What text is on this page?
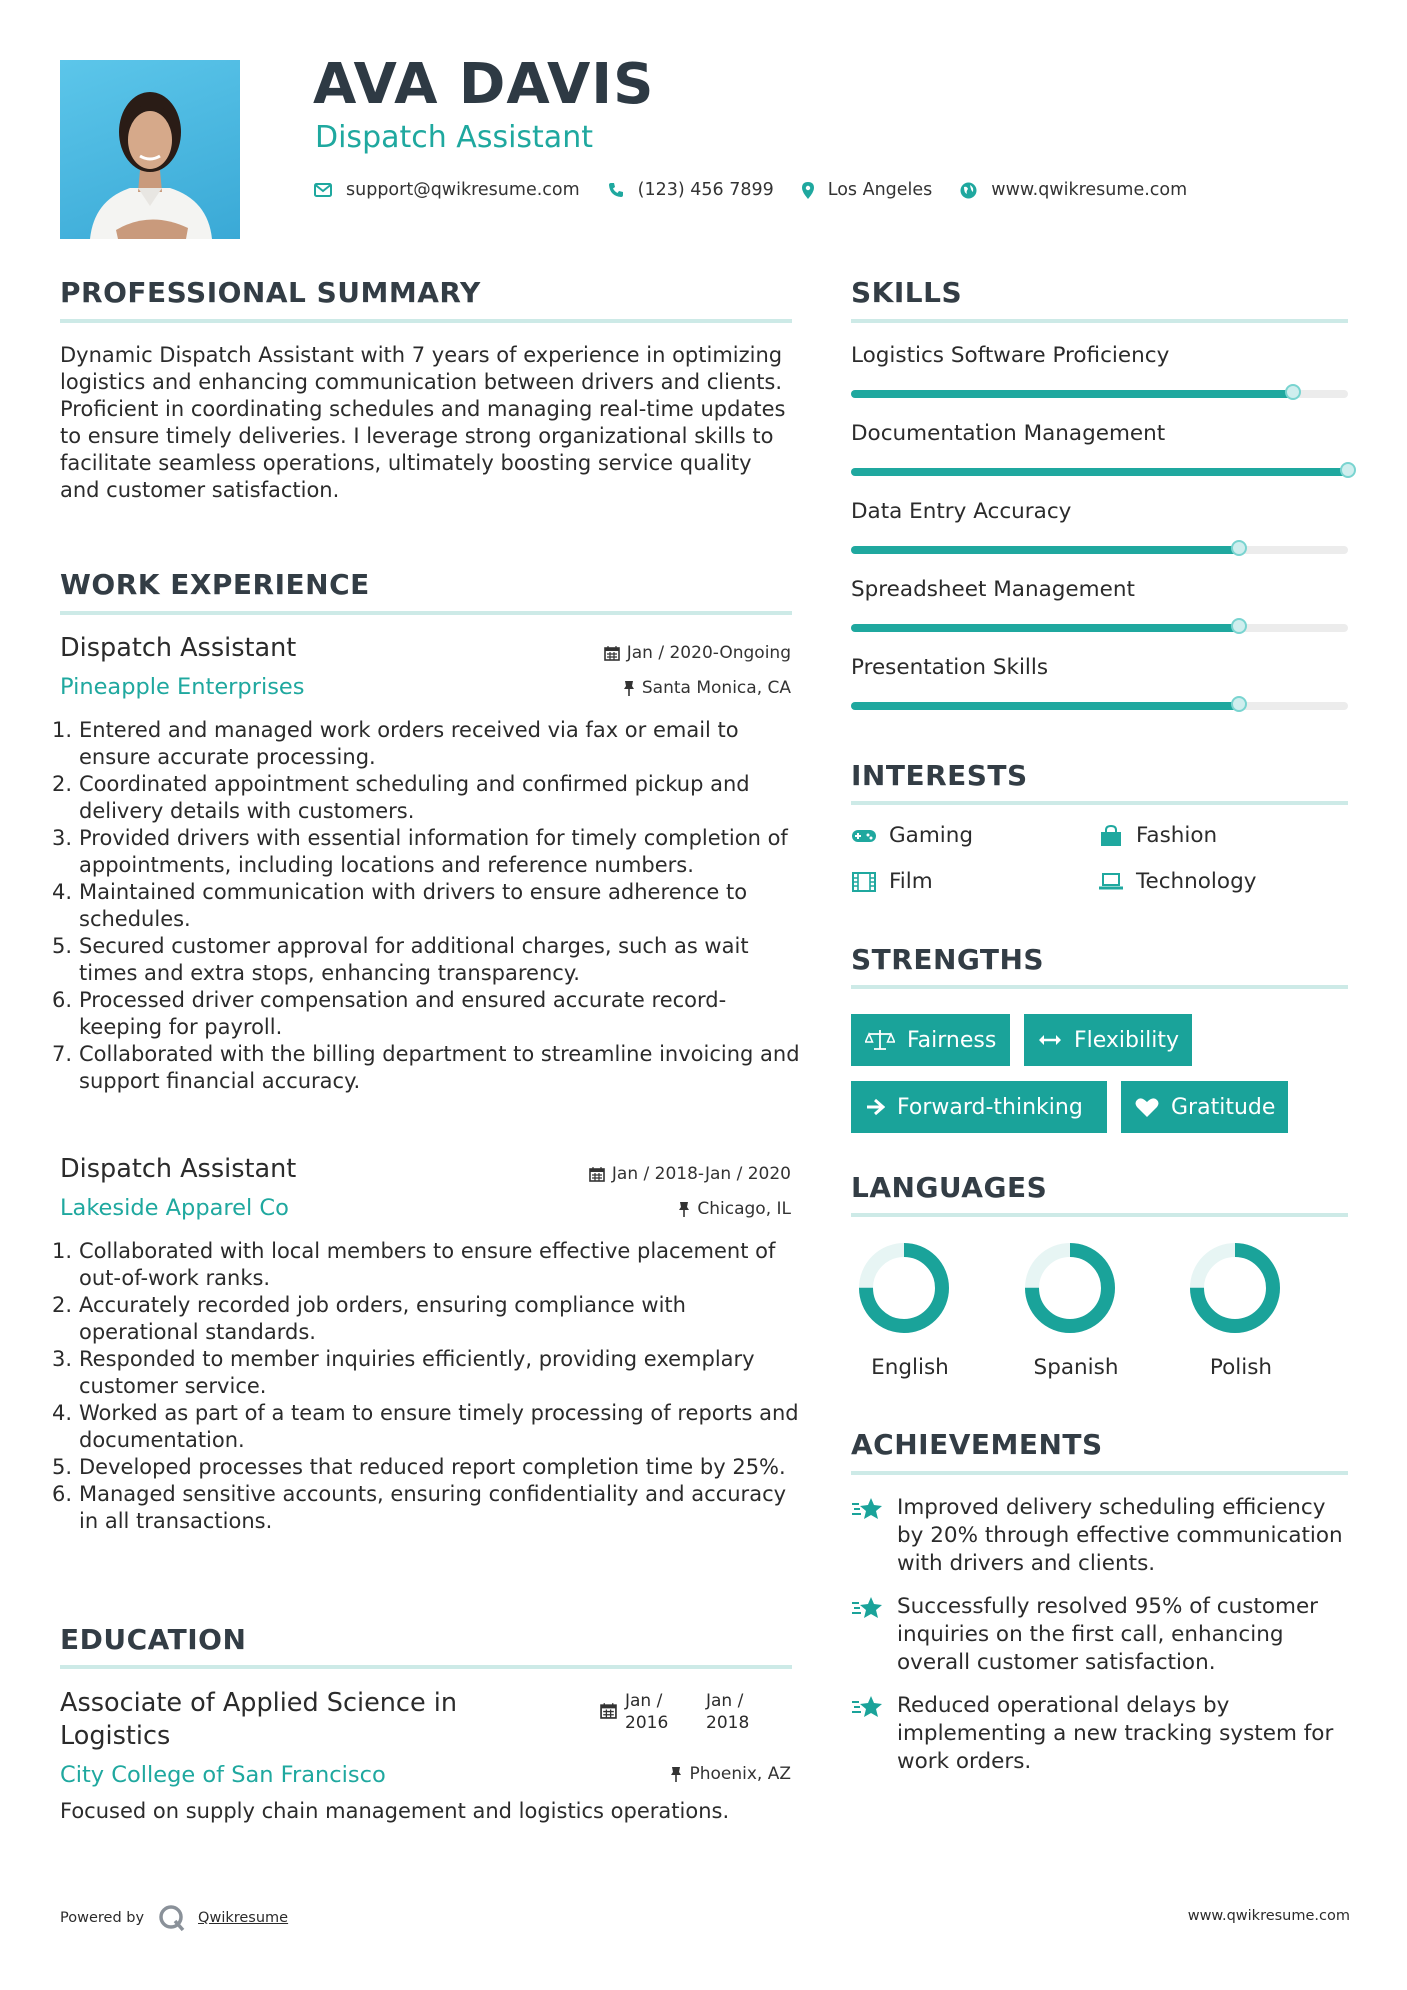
AVA DAVIS
Dispatch Assistant
support@qwikresume.com	(123) 456 7899	Los Angeles	www.qwikresume.com
PROFESSIONAL SUMMARY
Dynamic Dispatch Assistant with 7 years of experience in optimizing logistics and enhancing communication between drivers and clients. Proficient in coordinating schedules and managing real-time updates to ensure timely deliveries. I leverage strong organizational skills to facilitate seamless operations, ultimately boosting service quality and customer satisfaction.
WORK EXPERIENCE
Dispatch Assistant	Jan / 2020-Ongoing
Pineapple Enterprises	Santa Monica, CA
1. Entered and managed work orders received via fax or email to ensure accurate processing.
2. Coordinated appointment scheduling and confirmed pickup and delivery details with customers.
3. Provided drivers with essential information for timely completion of appointments, including locations and reference numbers.
4. Maintained communication with drivers to ensure adherence to schedules.
5. Secured customer approval for additional charges, such as wait times and extra stops, enhancing transparency.
6. Processed driver compensation and ensured accurate record-keeping for payroll.
7. Collaborated with the billing department to streamline invoicing and support financial accuracy.
Dispatch Assistant	Jan / 2018-Jan / 2020
Lakeside Apparel Co	Chicago, IL
1. Collaborated with local members to ensure effective placement of out-of-work ranks.
2. Accurately recorded job orders, ensuring compliance with operational standards.
3. Responded to member inquiries efficiently, providing exemplary customer service.
4. Worked as part of a team to ensure timely processing of reports and documentation.
5. Developed processes that reduced report completion time by 25%.
6. Managed sensitive accounts, ensuring confidentiality and accuracy in all transactions.
EDUCATION
Associate of Applied Science in Logistics
Jan / 2016
Jan / 2018
City College of San Francisco	Phoenix, AZ
Focused on supply chain management and logistics operations.
SKILLS
Logistics Software Proficiency
Documentation Management
Data Entry Accuracy
Spreadsheet Management
Presentation Skills
INTERESTS
Gaming	Fashion
Film	Technology
STRENGTHS
Fairness	Flexibility
Forward-thinking	Gratitude
LANGUAGES
English	Spanish	Polish
ACHIEVEMENTS
Improved delivery scheduling efficiency by 20% through effective communication with drivers and clients.
Successfully resolved 95% of customer inquiries on the first call, enhancing overall customer satisfaction.
Reduced operational delays by implementing a new tracking system for work orders.
Powered by	Qwikresume	www.qwikresume.com
